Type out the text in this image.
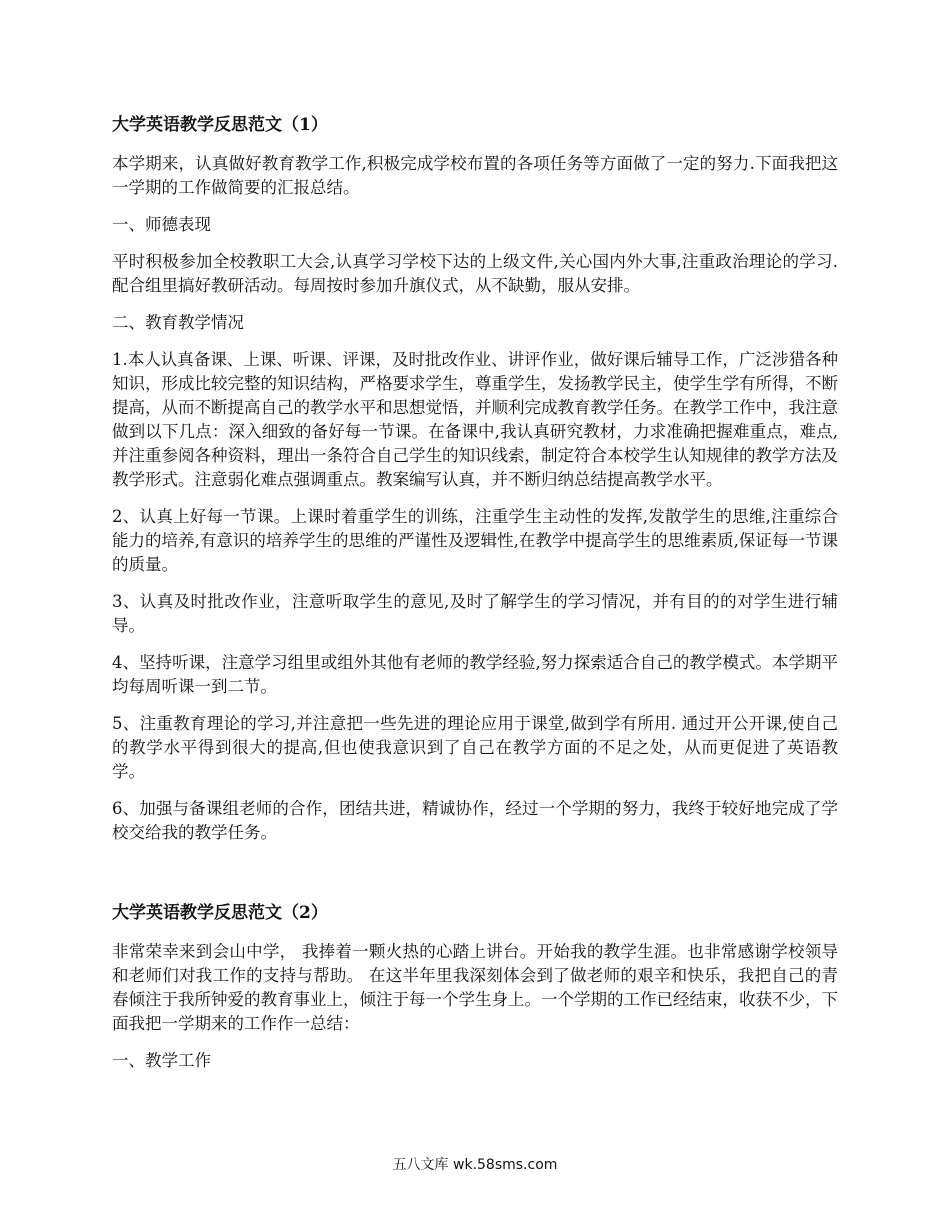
大学英语教学反思范文（1）

本学期来，认真做好教育教学工作,积极完成学校布置的各项任务等方面做了一定的努力.下面我把这一学期的工作做简要的汇报总结。

一、师德表现

平时积极参加全校教职工大会,认真学习学校下达的上级文件,关心国内外大事,注重政治理论的学习.配合组里搞好教研活动。每周按时参加升旗仪式，从不缺勤，服从安排。

二、教育教学情况

1.本人认真备课、上课、听课、评课，及时批改作业、讲评作业，做好课后辅导工作，广泛涉猎各种知识，形成比较完整的知识结构，严格要求学生，尊重学生，发扬教学民主，使学生学有所得，不断提高，从而不断提高自己的教学水平和思想觉悟，并顺利完成教育教学任务。在教学工作中，我注意做到以下几点：深入细致的备好每一节课。在备课中,我认真研究教材，力求准确把握难重点，难点,并注重参阅各种资料，理出一条符合自己学生的知识线索，制定符合本校学生认知规律的教学方法及教学形式。注意弱化难点强调重点。教案编写认真，并不断归纳总结提高教学水平。

2、认真上好每一节课。上课时着重学生的训练，注重学生主动性的发挥,发散学生的思维,注重综合能力的培养,有意识的培养学生的思维的严谨性及逻辑性,在教学中提高学生的思维素质,保证每一节课的质量。

3、认真及时批改作业，注意听取学生的意见,及时了解学生的学习情况，并有目的的对学生进行辅导。

4、坚持听课，注意学习组里或组外其他有老师的教学经验,努力探索适合自己的教学模式。本学期平均每周听课一到二节。

5、注重教育理论的学习,并注意把一些先进的理论应用于课堂,做到学有所用. 通过开公开课,使自己的教学水平得到很大的提高,但也使我意识到了自己在教学方面的不足之处，从而更促进了英语教学。

6、加强与备课组老师的合作，团结共进，精诚协作，经过一个学期的努力，我终于较好地完成了学校交给我的教学任务。

大学英语教学反思范文（2）

非常荣幸来到会山中学， 我捧着一颗火热的心踏上讲台。开始我的教学生涯。也非常感谢学校领导和老师们对我工作的支持与帮助。 在这半年里我深刻体会到了做老师的艰辛和快乐，我把自己的青春倾注于我所钟爱的教育事业上，倾注于每一个学生身上。一个学期的工作已经结束，收获不少，下面我把一学期来的工作作一总结：

一、教学工作

五八文库 wk.58sms.com
